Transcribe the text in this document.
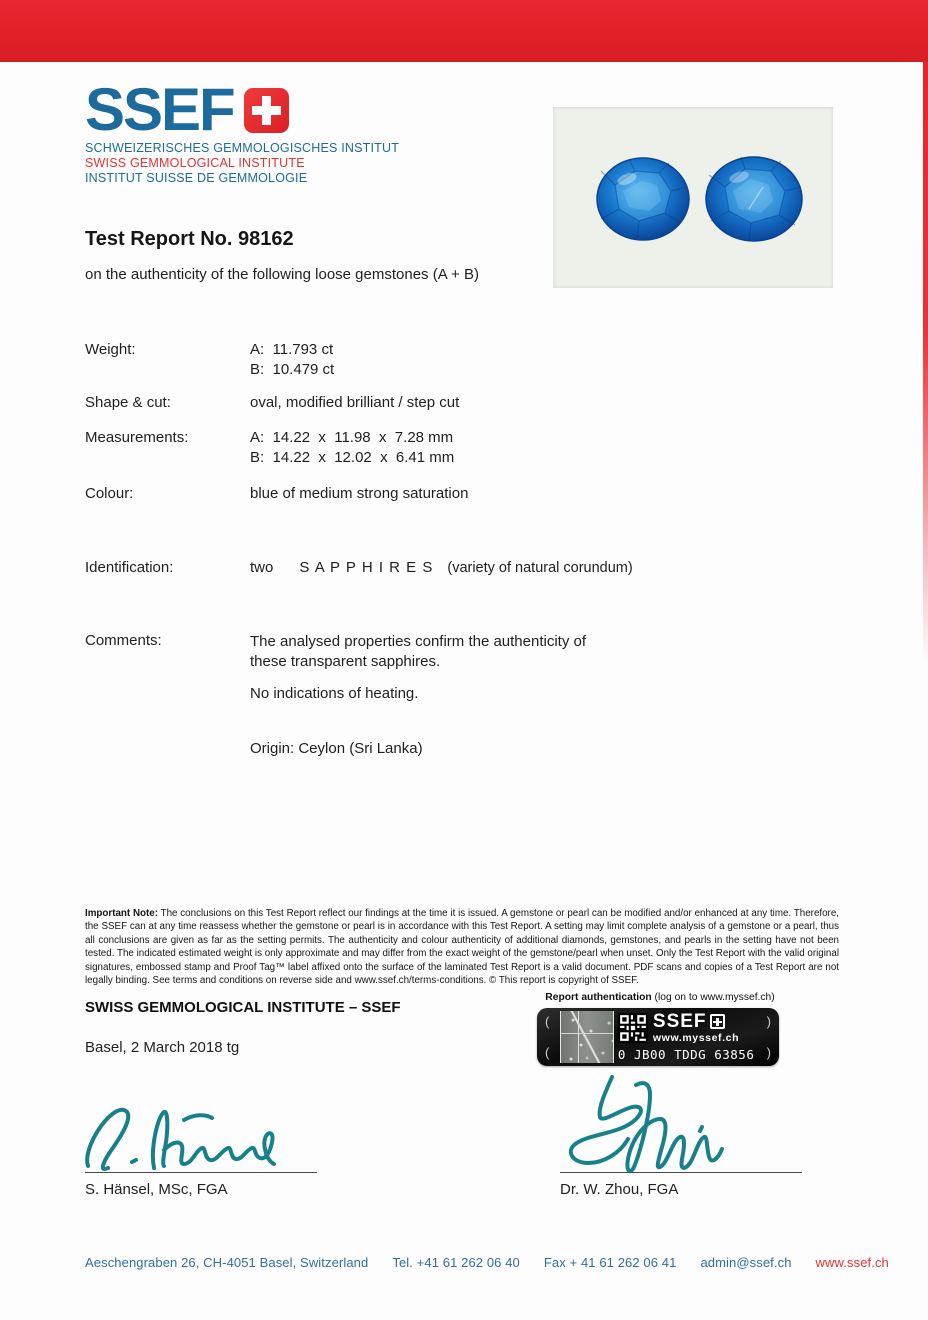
SSEF
SCHWEIZERISCHES GEMMOLOGISCHES INSTITUT
SWISS GEMMOLOGICAL INSTITUTE
INSTITUT SUISSE DE GEMMOLOGIE
Test Report No. 98162
on the authenticity of the following loose gemstones (A + B)
Weight:	A:  11.793 ct
B:  10.479 ct
Shape & cut:	oval, modified brilliant / step cut
Measurements:	A:  14.22  x  11.98  x  7.28 mm
B:  14.22  x  12.02  x  6.41 mm
Colour:	blue of medium strong saturation
Identification:	two S A P P H I R E S (variety of natural corundum)
Comments:	The analysed properties confirm the authenticity of these transparent sapphires.
No indications of heating.
Origin: Ceylon (Sri Lanka)
Important Note: The conclusions on this Test Report reflect our findings at the time it is issued. A gemstone or pearl can be modified and/or enhanced at any time. Therefore, the SSEF can at any time reassess whether the gemstone or pearl is in accordance with this Test Report. A setting may limit complete analysis of a gemstone or a pearl, thus all conclusions are given as far as the setting permits. The authenticity and colour authenticity of additional diamonds, gemstones, and pearls in the setting have not been tested. The indicated estimated weight is only approximate and may differ from the exact weight of the gemstone/pearl when unset. Only the Test Report with the valid original signatures, embossed stamp and Proof Tag™ label affixed onto the surface of the laminated Test Report is a valid document. PDF scans and copies of a Test Report are not legally binding. See terms and conditions on reverse side and www.ssef.ch/terms-conditions. © This report is copyright of SSEF.
SWISS GEMMOLOGICAL INSTITUTE – SSEF
Basel, 2 March 2018 tg
Report authentication (log on to www.myssef.ch)
(
(
SSEF
www.myssef.ch
0 JB00 TDDG 63856
)
)
S. Hänsel, MSc, FGA	Dr. W. Zhou, FGA
Aeschengraben 26, CH-4051 Basel, Switzerland Tel. +41 61 262 06 40 Fax + 41 61 262 06 41 admin@ssef.ch www.ssef.ch
